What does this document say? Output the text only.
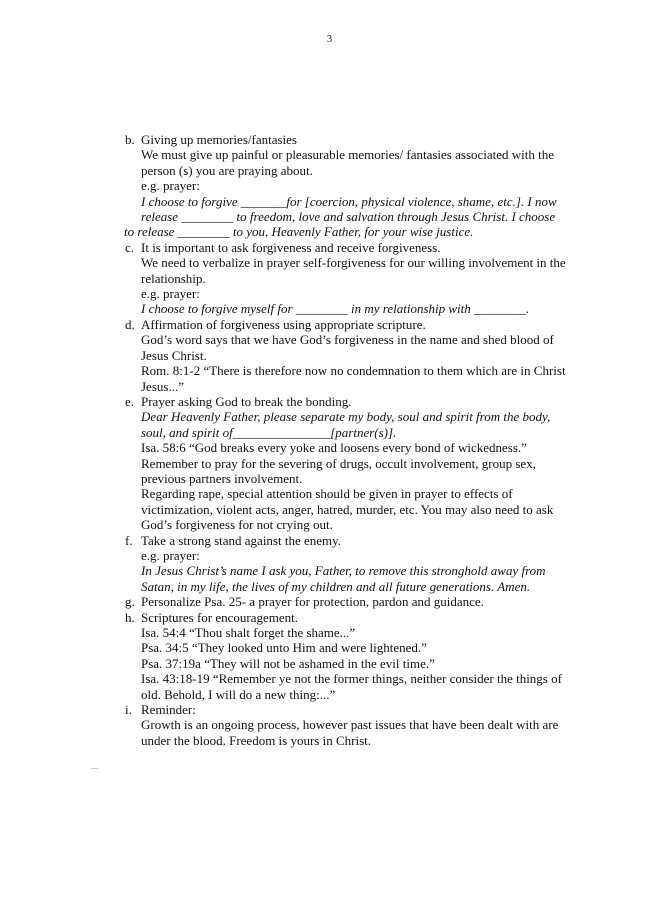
3
b. Giving up memories/fantasies
We must give up painful or pleasurable memories/ fantasies associated with the
person (s) you are praying about.
e.g. prayer:
I choose to forgive _______for [coercion, physical violence, shame, etc.]. I now
release ________ to freedom, love and salvation through Jesus Christ. I choose
to release ________ to you, Heavenly Father, for your wise justice.
c. It is important to ask forgiveness and receive forgiveness.
We need to verbalize in prayer self-forgiveness for our willing involvement in the
relationship.
e.g. prayer:
I choose to forgive myself for ________ in my relationship with ________.
d. Affirmation of forgiveness using appropriate scripture.
God’s word says that we have God’s forgiveness in the name and shed blood of
Jesus Christ.
Rom. 8:1-2 “There is therefore now no condemnation to them which are in Christ
Jesus...”
e. Prayer asking God to break the bonding.
Dear Heavenly Father, please separate my body, soul and spirit from the body,
soul, and spirit of_______________[partner(s)].
Isa. 58:6 “God breaks every yoke and loosens every bond of wickedness.”
Remember to pray for the severing of drugs, occult involvement, group sex,
previous partners involvement.
Regarding rape, special attention should be given in prayer to effects of
victimization, violent acts, anger, hatred, murder, etc. You may also need to ask
God’s forgiveness for not crying out.
f. Take a strong stand against the enemy.
e.g. prayer:
In Jesus Christ’s name I ask you, Father, to remove this stronghold away from
Satan, in my life, the lives of my children and all future generations. Amen.
g. Personalize Psa. 25- a prayer for protection, pardon and guidance.
h. Scriptures for encouragement.
Isa. 54:4 “Thou shalt forget the shame...”
Psa. 34:5 “They looked unto Him and were lightened.”
Psa. 37:19a “They will not be ashamed in the evil time.”
Isa. 43:18-19 “Remember ye not the former things, neither consider the things of
old. Behold, I will do a new thing:...”
i. Reminder:
Growth is an ongoing process, however past issues that have been dealt with are
under the blood. Freedom is yours in Christ.
